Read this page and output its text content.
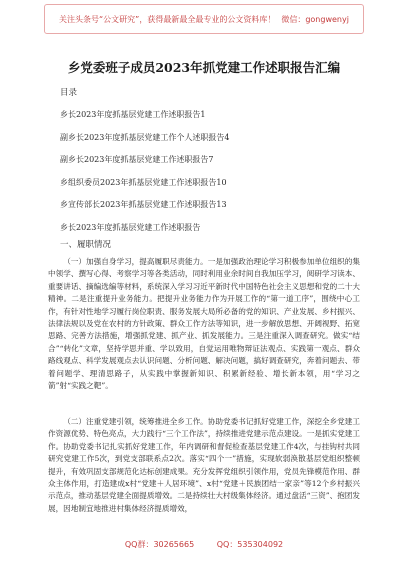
关注头条号“公文研究”，获得最新最全最专业的公文资料库！ 微信：gongwenyj
乡党委班子成员2023年抓党建工作述职报告汇编
目录
乡长2023年度抓基层党建工作述职报告1
副乡长2023年度抓基层党建工作个人述职报告4
副乡长2023年度抓基层党建工作述职报告7
乡组织委员2023年抓基层党建工作述职报告10
乡宣传部长2023年抓基层党建工作述职报告13
乡长2023年度抓基层党建工作述职报告
一、履职情况

（一）加强自身学习，提高履职尽责能力。一是加强政治理论学习积极参加单位组织的集中领学、撰写心得、考察学习等各类活动，同时利用业余时间自我加压学习，阅研学习读本、重要讲话、摘编选编等材料，系统深入学习习近平新时代中国特色社会主义思想和党的二十大精神。二是注重提升业务能力。把提升业务能力作为开展工作的“第一道工序”，围绕中心工作，有针对性地学习履行岗位职责、服务发展大局所必备的党的知识、产业发展、乡村振兴、法律法规以及党在农村的方针政策、群众工作方法等知识，进一步解放思想、开阔视野、拓宽思路、完善方法措施，增强抓党建、抓产业、抓发展能力。三是注重深入调查研究。做实“结合”“转化”文章，坚持学思并重、学以致用，自觉运用唯物辩证法观点、实践第一观点、群众路线观点、科学发展观点去认识问题、分析问题、解决问题，搞好调查研究，奔着问题去、带着问题学、理清思路子，从实践中掌握新知识、积累新经验、增长新本领，用“学习之箭”射“实践之靶”。

（二）注重党建引领，统筹推进全乡工作。协助党委书记抓好党建工作，深挖全乡党建工作资源优势、特色亮点，大力践行“三个工作法”，持续推进党建示范点建设。一是抓实党建工作。协助党委书记扎实抓好党建工作，年内调研和督促检查基层党建工作4次，与挂钩村共同研究党建工作5次，到党支部联系点2次。落实“四个一”措施，实现软弱涣散基层党组织整顿提升，有效巩固支部规范化达标创建成果。充分发挥党组织引领作用，党员先锋模范作用、群众主体作用，打造建成x村“党建＋人居环境”、x村“党建＋民族团结一家亲”等12个乡村振兴示范点，推动基层党建全面提质增效。二是持续壮大村级集体经济。通过盘活“三资”、抱团发展，因地制宜地推进村集体经济提质增效，

QQ群：30265665	QQ：535304092
